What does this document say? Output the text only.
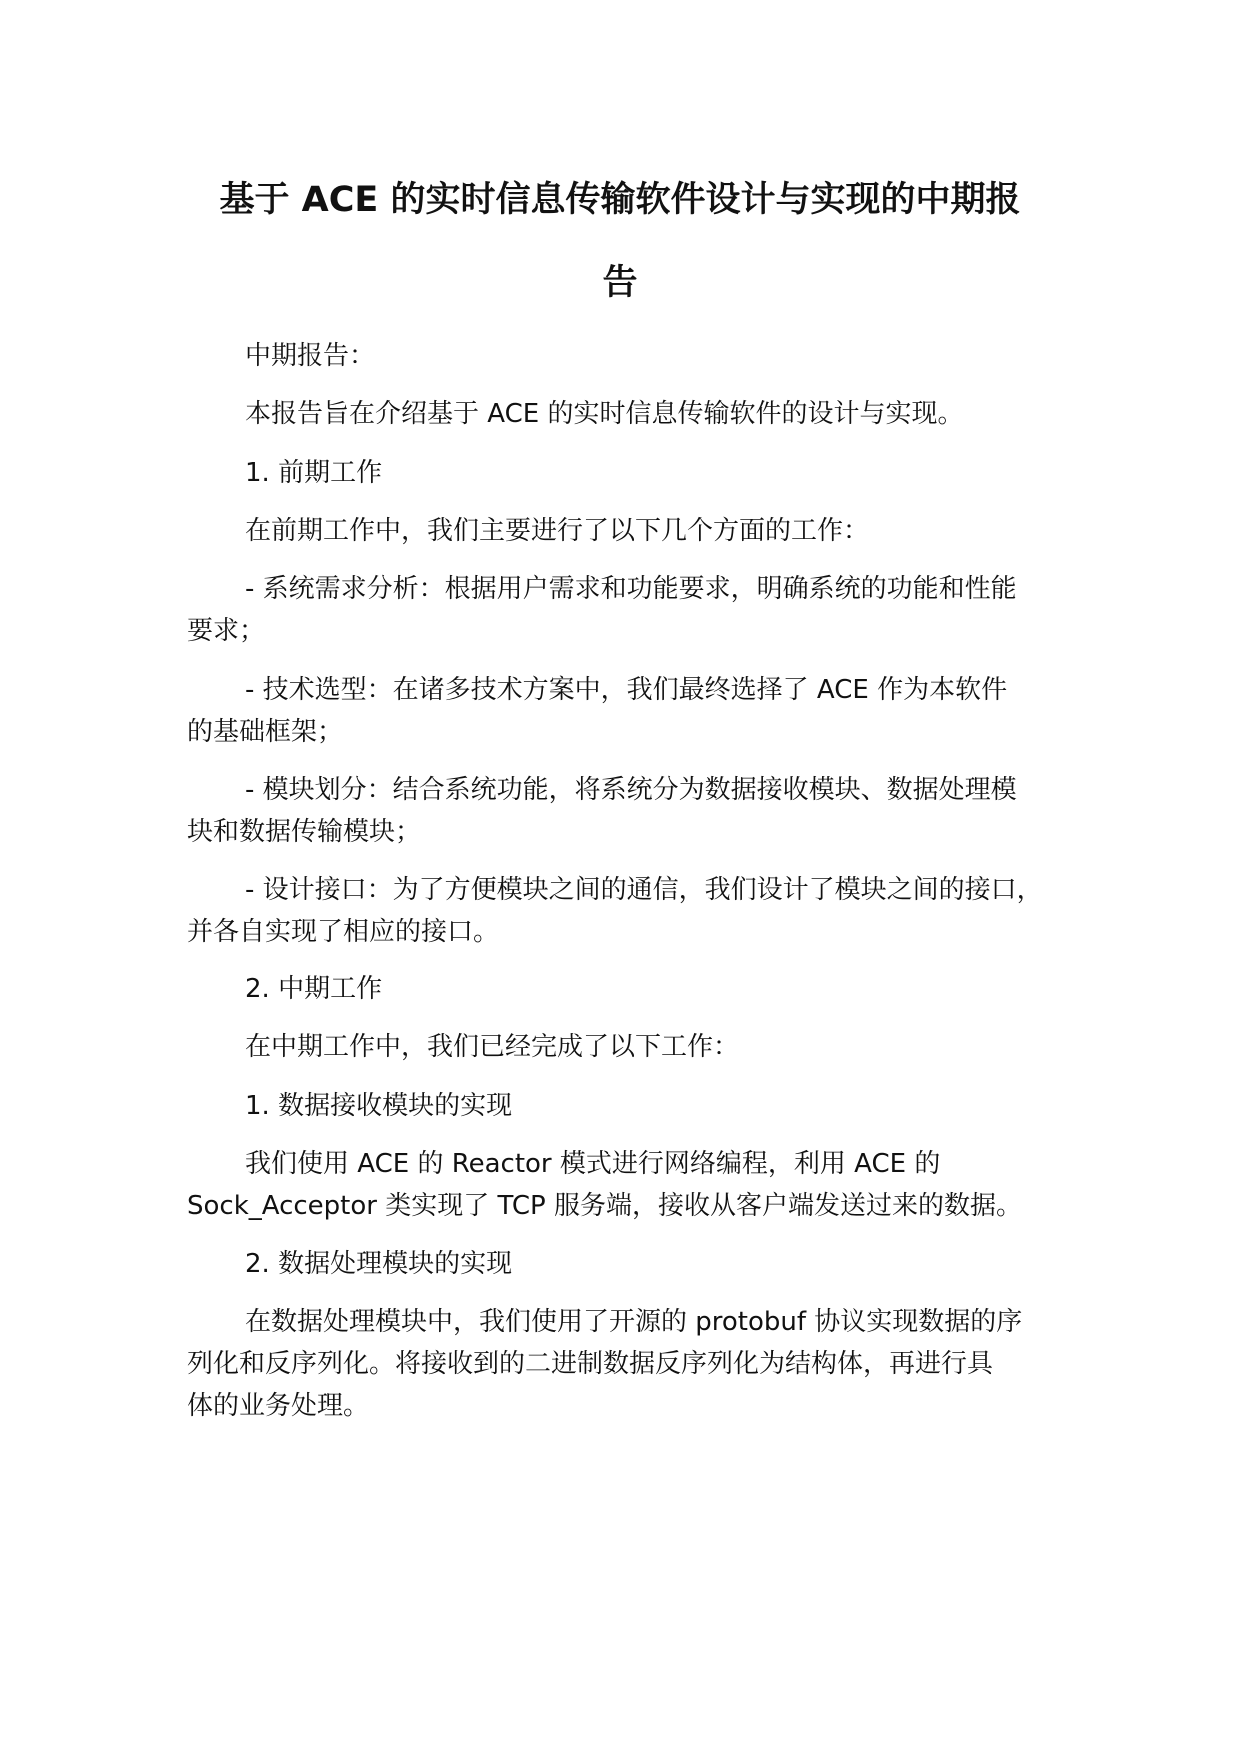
基于 ACE 的实时信息传输软件设计与实现的中期报
告

中期报告：

本报告旨在介绍基于 ACE 的实时信息传输软件的设计与实现。

1. 前期工作

在前期工作中，我们主要进行了以下几个方面的工作：

- 系统需求分析：根据用户需求和功能要求，明确系统的功能和性能

要求；

- 技术选型：在诸多技术方案中，我们最终选择了 ACE 作为本软件

的基础框架；

- 模块划分：结合系统功能，将系统分为数据接收模块、数据处理模

块和数据传输模块；

- 设计接口：为了方便模块之间的通信，我们设计了模块之间的接口，

并各自实现了相应的接口。

2. 中期工作

在中期工作中，我们已经完成了以下工作：

1. 数据接收模块的实现

我们使用 ACE 的 Reactor 模式进行网络编程，利用 ACE 的

Sock_Acceptor 类实现了 TCP 服务端，接收从客户端发送过来的数据。

2. 数据处理模块的实现

在数据处理模块中，我们使用了开源的 protobuf 协议实现数据的序

列化和反序列化。将接收到的二进制数据反序列化为结构体，再进行具

体的业务处理。
